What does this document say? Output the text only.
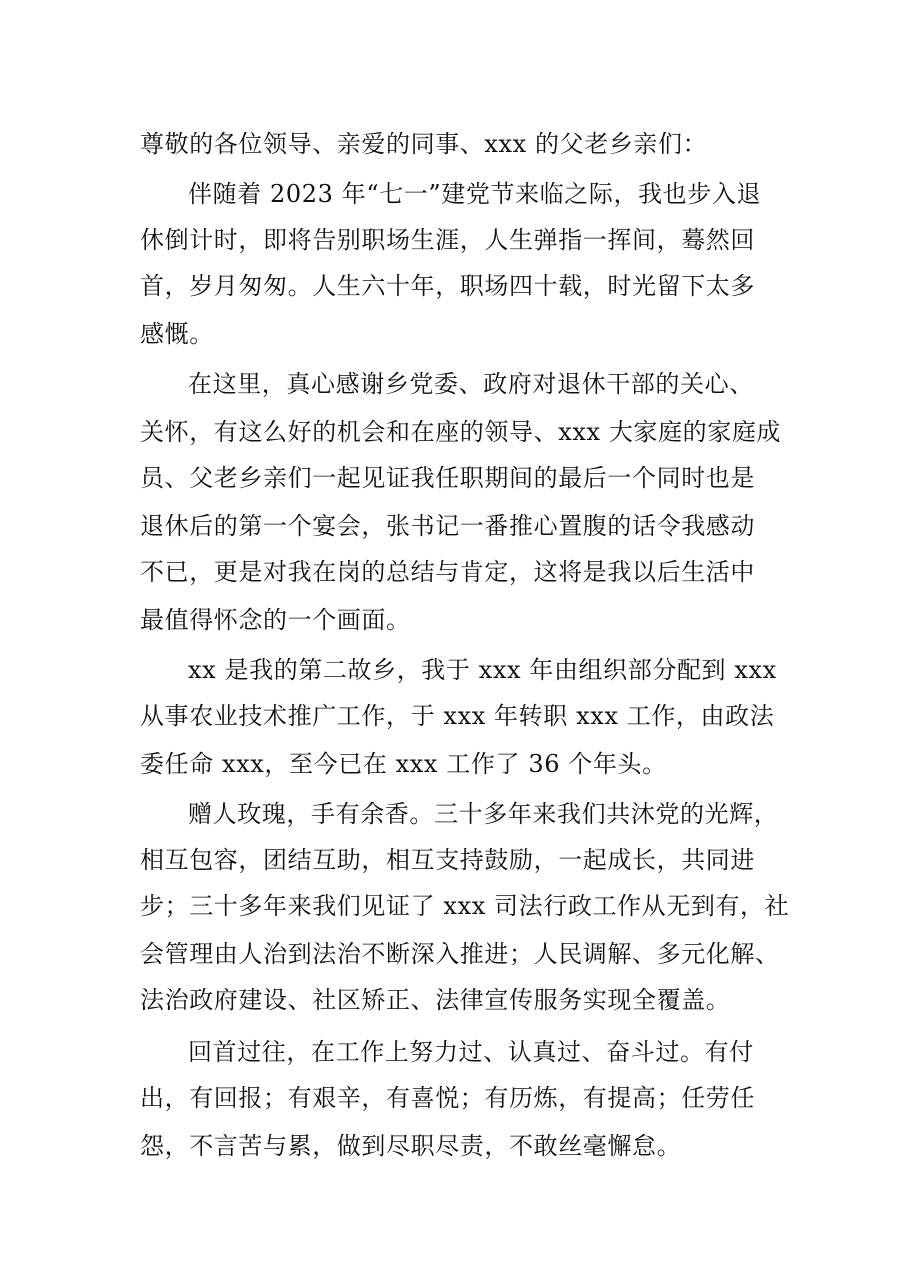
尊敬的各位领导、亲爱的同事、xxx 的父老乡亲们：
伴随着 2023 年“七一”建党节来临之际，我也步入退
休倒计时，即将告别职场生涯，人生弹指一挥间，蓦然回
首，岁月匆匆。人生六十年，职场四十载，时光留下太多
感慨。
在这里，真心感谢乡党委、政府对退休干部的关心、
关怀，有这么好的机会和在座的领导、xxx 大家庭的家庭成
员、父老乡亲们一起见证我任职期间的最后一个同时也是
退休后的第一个宴会，张书记一番推心置腹的话令我感动
不已，更是对我在岗的总结与肯定，这将是我以后生活中
最值得怀念的一个画面。
xx 是我的第二故乡，我于 xxx 年由组织部分配到 xxx
从事农业技术推广工作，于 xxx 年转职 xxx 工作，由政法
委任命 xxx，至今已在 xxx 工作了 36 个年头。
赠人玫瑰，手有余香。三十多年来我们共沐党的光辉，
相互包容，团结互助，相互支持鼓励，一起成长，共同进
步；三十多年来我们见证了 xxx 司法行政工作从无到有，社
会管理由人治到法治不断深入推进；人民调解、多元化解、
法治政府建设、社区矫正、法律宣传服务实现全覆盖。
回首过往，在工作上努力过、认真过、奋斗过。有付
出，有回报；有艰辛，有喜悦；有历炼，有提高；任劳任
怨，不言苦与累，做到尽职尽责，不敢丝毫懈怠。
